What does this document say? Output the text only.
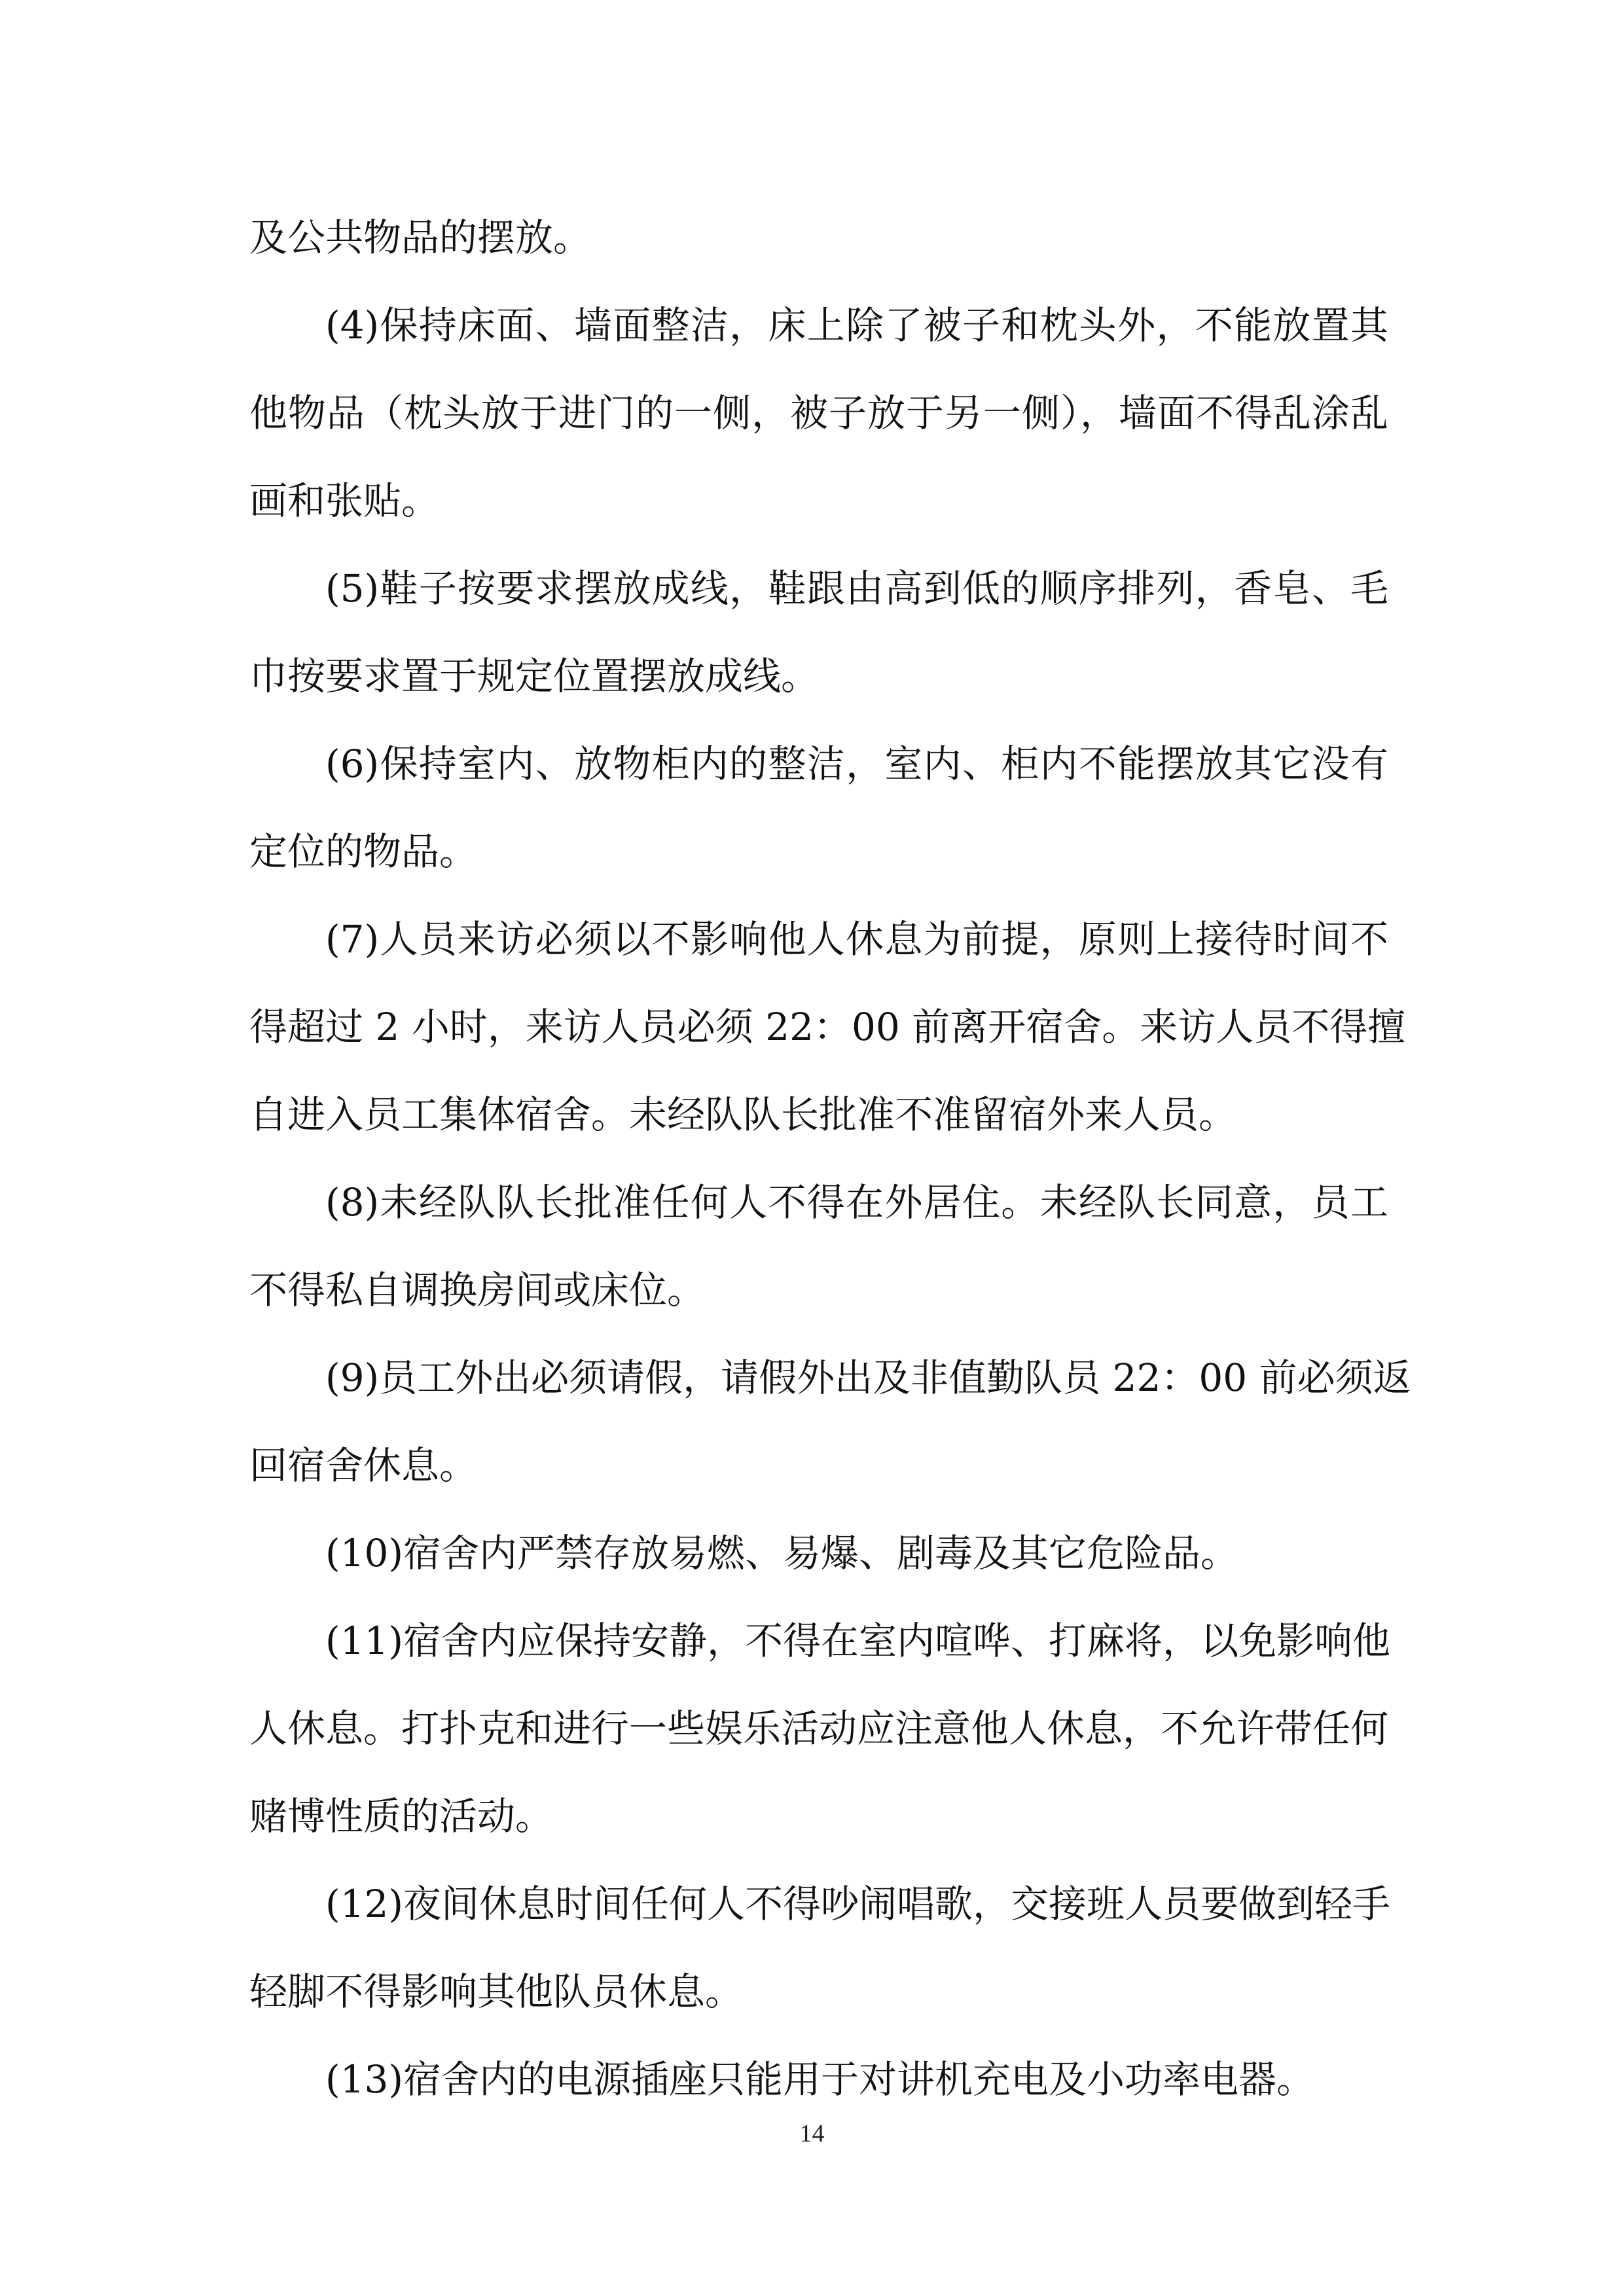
及公共物品的摆放。
(4)保持床面、墙面整洁，床上除了被子和枕头外，不能放置其
他物品（枕头放于进门的一侧，被子放于另一侧），墙面不得乱涂乱
画和张贴。
(5)鞋子按要求摆放成线，鞋跟由高到低的顺序排列，香皂、毛
巾按要求置于规定位置摆放成线。
(6)保持室内、放物柜内的整洁，室内、柜内不能摆放其它没有
定位的物品。
(7)人员来访必须以不影响他人休息为前提，原则上接待时间不
得超过 2 小时，来访人员必须 22：00 前离开宿舍。来访人员不得擅
自进入员工集体宿舍。未经队队长批准不准留宿外来人员。
(8)未经队队长批准任何人不得在外居住。未经队长同意，员工
不得私自调换房间或床位。
(9)员工外出必须请假，请假外出及非值勤队员 22：00 前必须返
回宿舍休息。
(10)宿舍内严禁存放易燃、易爆、剧毒及其它危险品。
(11)宿舍内应保持安静，不得在室内喧哗、打麻将，以免影响他
人休息。打扑克和进行一些娱乐活动应注意他人休息，不允许带任何
赌博性质的活动。
(12)夜间休息时间任何人不得吵闹唱歌，交接班人员要做到轻手
轻脚不得影响其他队员休息。
(13)宿舍内的电源插座只能用于对讲机充电及小功率电器。
14
